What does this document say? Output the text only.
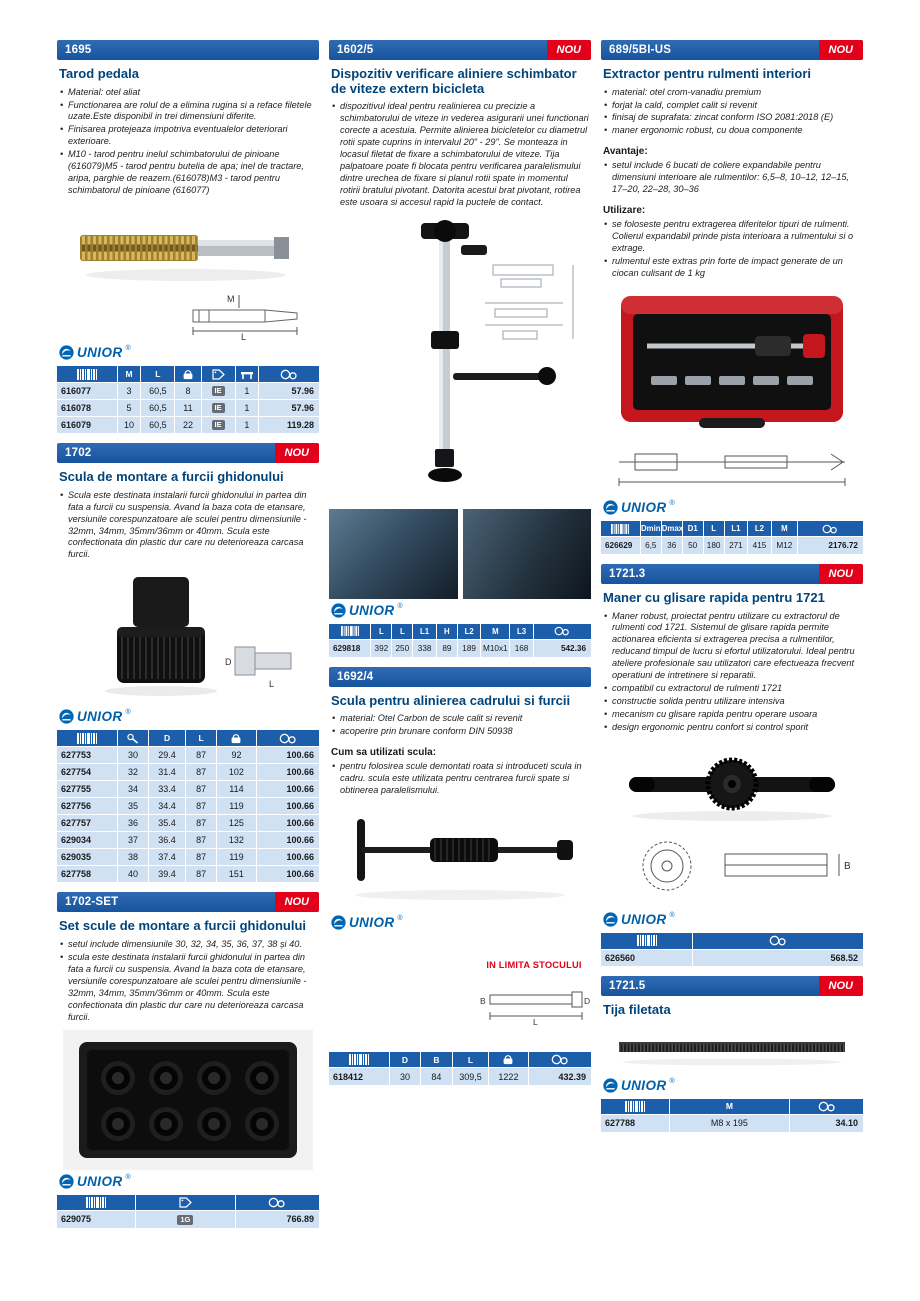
1695
Tarod pedala
• Material: otel aliat
• Functionarea are rolul de a elimina rugina si a reface filetele uzate.Este disponibil in trei dimensiuni diferite.
• Finisarea protejeaza impotriva eventualelor deteriorari exterioare.
• M10 - tarod pentru inelul schimbatorului de pinioane (616079)M5 - tarod pentru butelia de apa; inel de tractare, aripa, parghie de reazem.(616078)M3 - tarod pentru schimbatorul de pinioane (616077)
M
L
UNIOR ®
	M	L				
616077	3	60,5	8	IE	1	57.96
616078	5	60,5	11	IE	1	57.96
616079	10	60,5	22	IE	1	119.28
1702	NOU
Scula de montare a furcii ghidonului
• Scula este destinata instalarii furcii ghidonului in partea din fata a furcii cu suspensia. Avand la baza cota de etansare, versiunile corespunzatoare ale sculei pentru dimensiunile - 32mm, 34mm, 35mm/36mm or 40mm. Scula este confectionata din plastic dur care nu deterioreaza carcasa furcii.
D
L
UNIOR ®
		D	L		
627753	30	29.4	87	92	100.66
627754	32	31.4	87	102	100.66
627755	34	33.4	87	114	100.66
627756	35	34.4	87	119	100.66
627757	36	35.4	87	125	100.66
629034	37	36.4	87	132	100.66
629035	38	37.4	87	119	100.66
627758	40	39.4	87	151	100.66
1702-SET	NOU
Set scule de montare a furcii ghidonului
• setul include dimensiunile 30, 32, 34, 35, 36, 37, 38 și 40.
• scula este destinata instalarii furcii ghidonului in partea din fata a furcii cu suspensia. Avand la baza cota de etansare, versiunile corespunzatoare ale sculei pentru dimensiunile - 32mm, 34mm, 35mm/36mm or 40mm. Scula este confectionata din plastic dur care nu deterioreaza carcasa furcii.
UNIOR ®

629075	1G	766.89
1602/5	NOU
Dispozitiv verificare aliniere schimbator de viteze extern bicicleta
• dispozitivul ideal pentru realinierea cu precizie a schimbatorului de viteze in vederea asigurarii unei functionari corecte a acestuia. Permite alinierea bicicletelor cu diametrul rotii spate cuprins in intervalul 20" - 29". Se monteaza in locasul filetat de fixare a schimbatorului de viteze. Tija palpatoare poate fi blocata pentru verificarea paralelismului dintre urechea de fixare si planul rotii spate in momentul rotirii bratului pivotant. Datorita acestui brat pivotant, rotirea este usoara si accesul rapid la puctele de contact.
UNIOR ®
	L	L	L1	H	L2	M	L3	
629818	392	250	338	89	189	M10x1	168	542.36
1692/4
Scula pentru alinierea cadrului si furcii
• material: Otel Carbon de scule calit si revenit
• acoperire prin brunare conform DIN 50938
Cum sa utilizati scula:
• pentru folosirea scule demontati roata si introduceti scula in cadru. scula este utilizata pentru centrarea furcii spate si obtinerea paralelismului.
UNIOR ®
IN LIMITA STOCULUI
B	D
L
	D	B	L		
618412	30	84	309,5	1222	432.39
689/5BI-US	NOU
Extractor pentru rulmenti interiori
• material: otel crom-vanadiu premium
• forjat la cald, complet calit si revenit
• finisaj de suprafata: zincat conform ISO 2081:2018 (E)
• maner ergonomic robust, cu doua componente
Avantaje:
• setul include 6 bucati de coliere expandabile pentru dimensiuni interioare ale rulmentilor: 6,5–8, 10–12, 12–15, 17–20, 22–28, 30–36
Utilizare:
• se foloseste pentru extragerea diferitelor tipuri de rulmenti. Colierul expandabil prinde pista interioara a rulmentului si o extrage.
• rulmentul este extras prin forte de impact generate de un ciocan culisant de 1 kg
UNIOR ®
	Dmin	Dmax	D1	L	L1	L2	M	
626629	6,5	36	50	180	271	415	M12	2176.72
1721.3	NOU
Maner cu glisare rapida pentru 1721
• Maner robust, proiectat pentru utilizare cu extractorul de rulmenti cod 1721. Sistemul de glisare rapida permite actionarea eficienta si extragerea precisa a rulmentilor, reducand timpul de lucru si efortul utilizatorului. Ideal pentru ateliere profesionale sau utilizatori care efectueaza frecvent operatiuni de intretinere si reparatii.
• compatibil cu extractorul de rulmenti 1721
• constructie solida pentru utilizare intensiva
• mecanism cu glisare rapida pentru operare usoara
• design ergonomic pentru confort si control sporit
B
UNIOR ®

626560	568.52
1721.5	NOU
Tija filetata
UNIOR ®
	M	
627788	M8 x 195	34.10
